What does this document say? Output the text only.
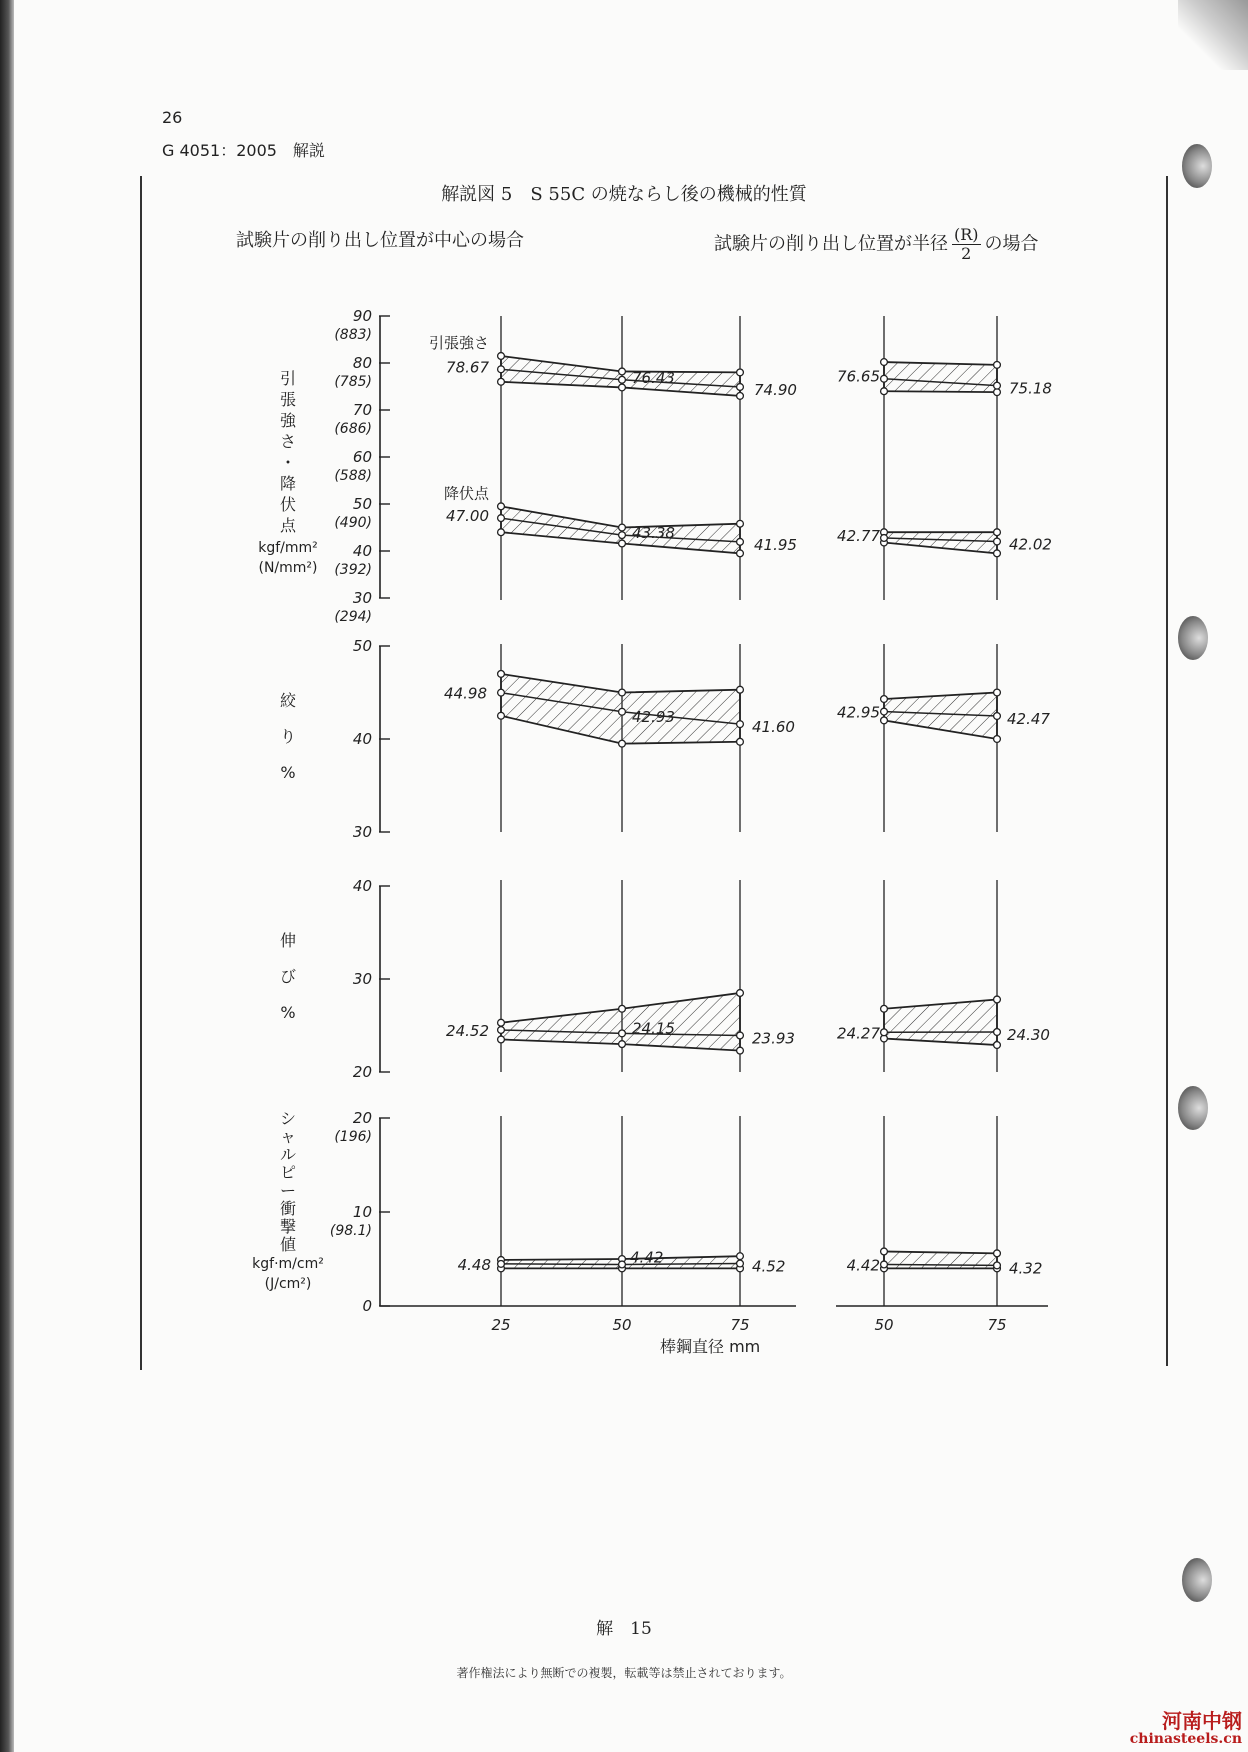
26
G 4051：2005　解説
解説図 5　S 55C の焼ならし後の機械的性質
試験片の削り出し位置が中心の場合	試験片の削り出し位置が半径 $\frac{(R)}{2}$ の場合
90
(883)
80
(785)
70
(686)
60
(588)
50
(490)
40
(392)
30
(294)
引
張
強
さ
・
降
伏
点
kgf/mm²
(N/mm²)
78.67
76.43
74.90
引張強さ
47.00
43.38
41.95
降伏点
76.65
75.18
42.77	42.02
50
40
30
絞
り
%
44.98
42.93
41.60
42.95	42.47
40
30
20
伸
び
%
24.52	24.15
23.93	24.27	24.30
20
(196)
10
(98.1)
0
シ
ャ
ル
ピ
ー
衝
撃
値
kgf·m/cm²
(J/cm²)
4.48	4.42
4.52	4.42	4.32
25	50	75	50	75
棒鋼直径 mm
解　15
著作権法により無断での複製，転載等は禁止されております。
河南中钢
chinasteels.cn
